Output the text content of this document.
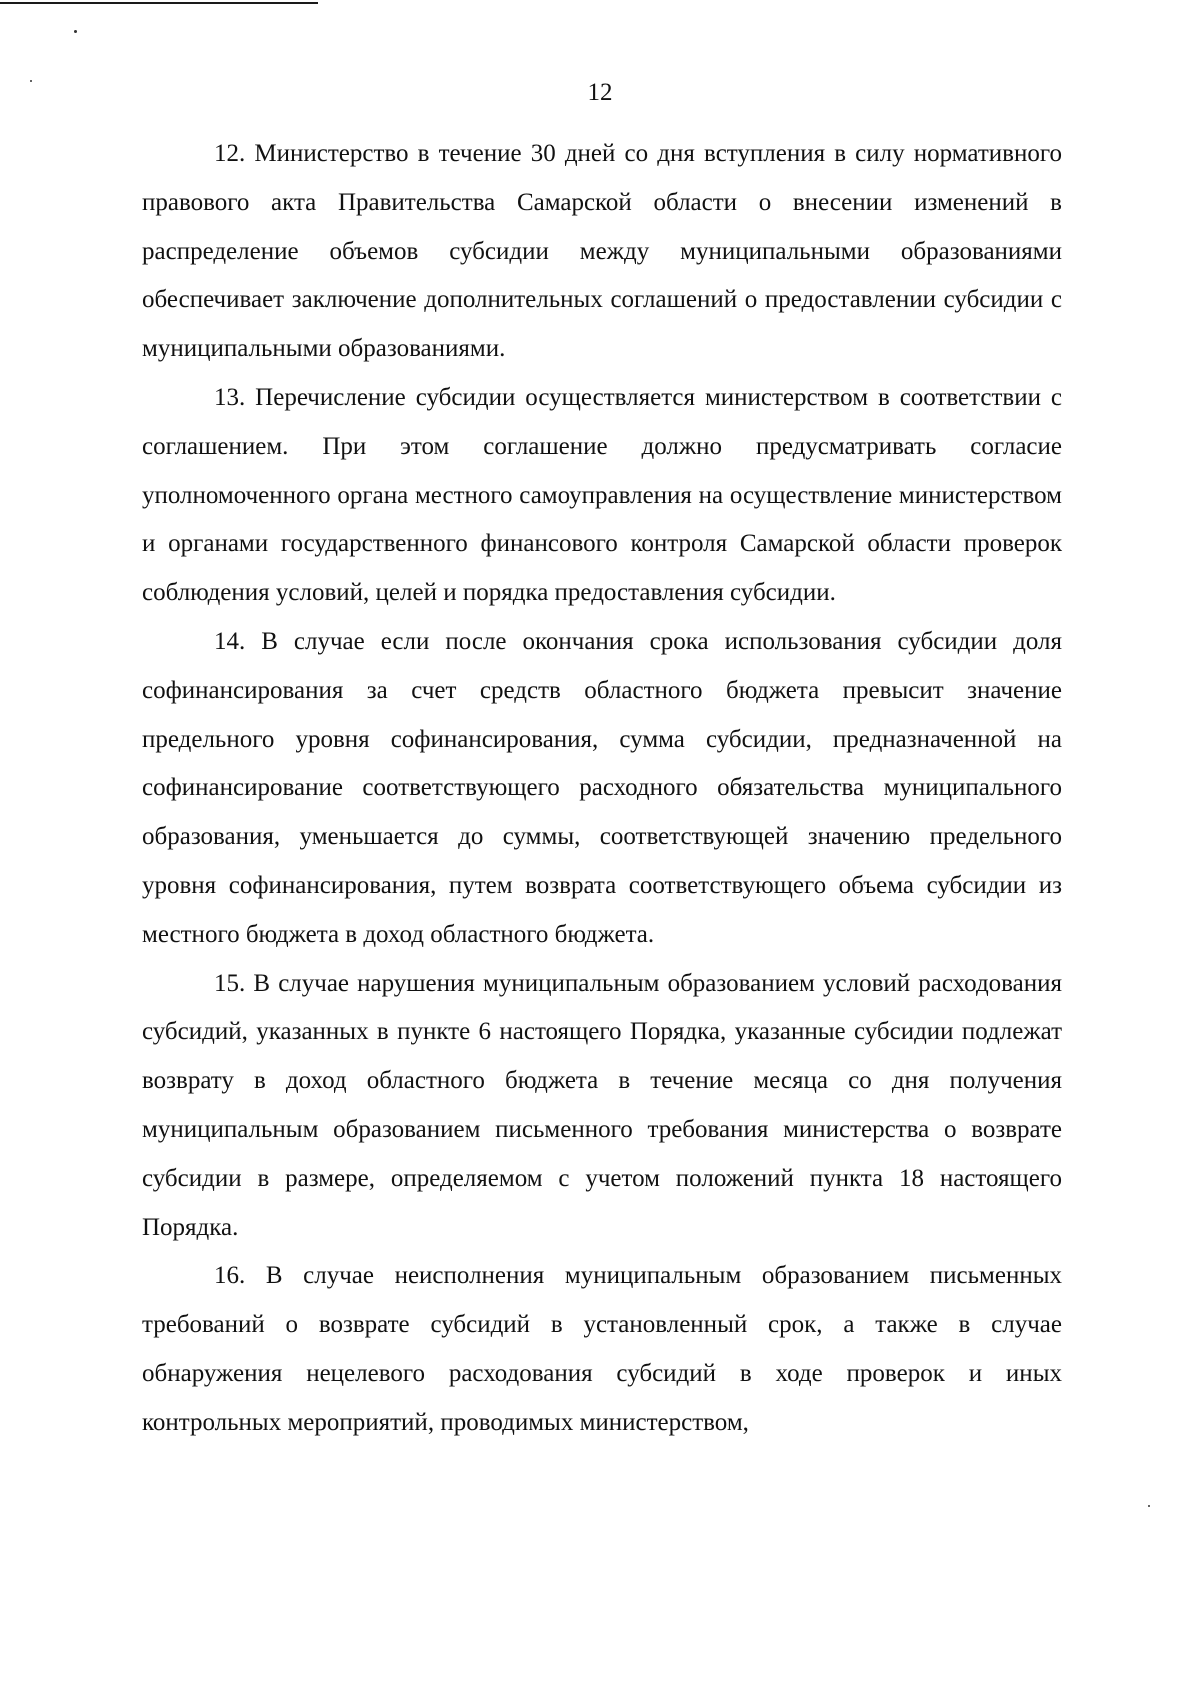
12

12. Министерство в течение 30 дней со дня вступления в силу нормативного правового акта Правительства Самарской области о внесении изменений в распределение объемов субсидии между муниципальными образованиями обеспечивает заключение дополнительных соглашений о предоставлении субсидии с муниципальными образованиями.

13. Перечисление субсидии осуществляется министерством в соответствии с соглашением. При этом соглашение должно предусматривать согласие уполномоченного органа местного самоуправления на осуществление министерством и органами государственного финансового контроля Самарской области проверок соблюдения условий, целей и порядка предоставления субсидии.

14. В случае если после окончания срока использования субсидии доля софинансирования за счет средств областного бюджета превысит значение предельного уровня софинансирования, сумма субсидии, предназначенной на софинансирование соответствующего расходного обязательства муниципального образования, уменьшается до суммы, соответствующей значению предельного уровня софинансирования, путем возврата соответствующего объема субсидии из местного бюджета в доход областного бюджета.

15. В случае нарушения муниципальным образованием условий расходования субсидий, указанных в пункте 6 настоящего Порядка, указанные субсидии подлежат возврату в доход областного бюджета в течение месяца со дня получения муниципальным образованием письменного требования министерства о возврате субсидии в размере, определяемом с учетом положений пункта 18 настоящего Порядка.

16. В случае неисполнения муниципальным образованием письменных требований о возврате субсидий в установленный срок, а также в случае обнаружения нецелевого расходования субсидий в ходе проверок и иных контрольных мероприятий, проводимых министерством,
